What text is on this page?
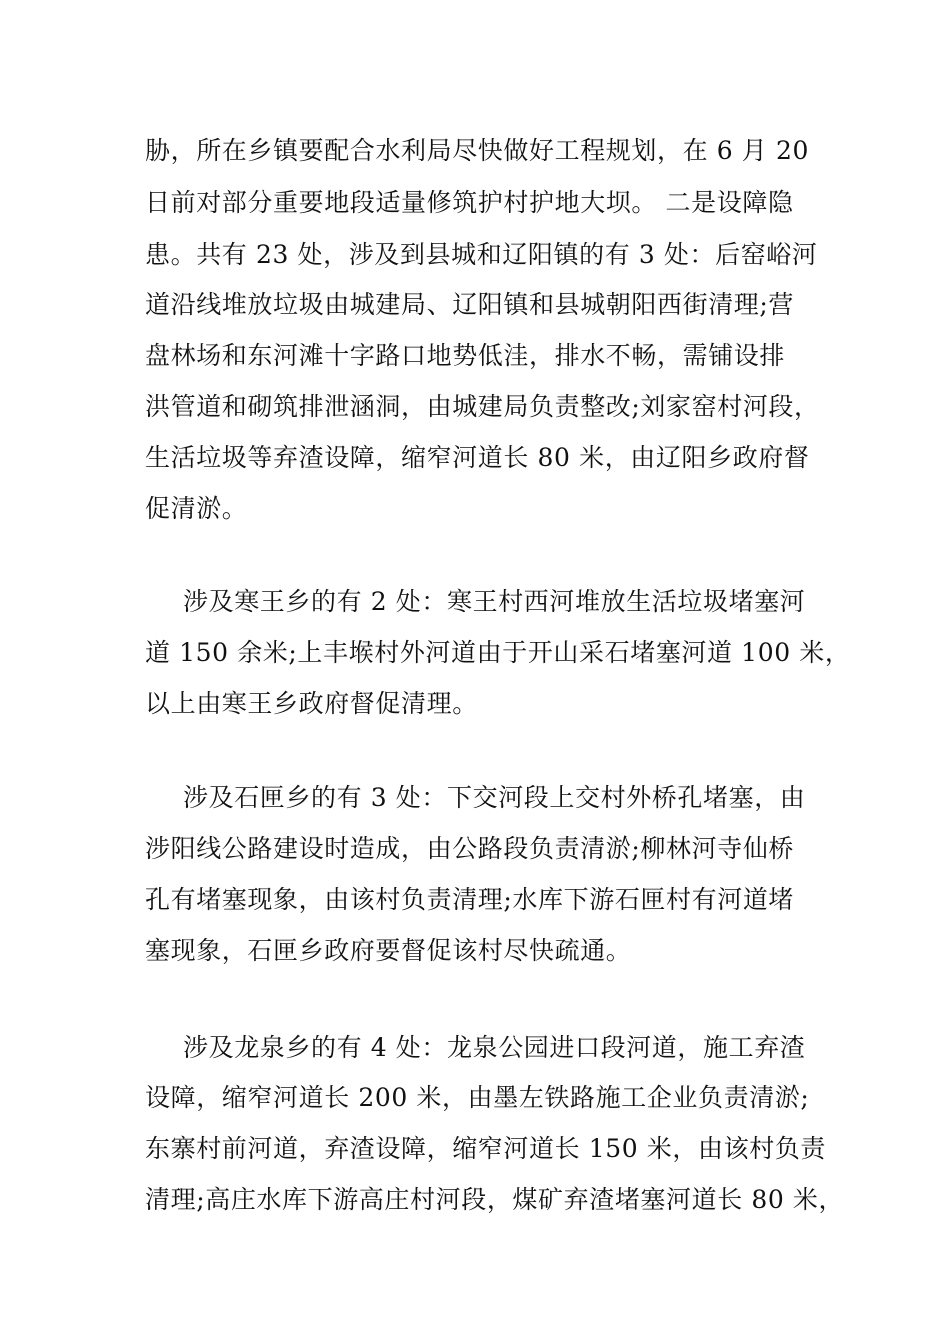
胁，所在乡镇要配合水利局尽快做好工程规划，在 6 月 20
日前对部分重要地段适量修筑护村护地大坝。 二是设障隐
患。共有 23 处，涉及到县城和辽阳镇的有 3 处：后窑峪河
道沿线堆放垃圾由城建局、辽阳镇和县城朝阳西街清理;营
盘林场和东河滩十字路口地势低洼，排水不畅，需铺设排
洪管道和砌筑排泄涵洞，由城建局负责整改;刘家窑村河段，
生活垃圾等弃渣设障，缩窄河道长 80 米，由辽阳乡政府督
促清淤。
涉及寒王乡的有 2 处：寒王村西河堆放生活垃圾堵塞河
道 150 余米;上丰堠村外河道由于开山采石堵塞河道 100 米，
以上由寒王乡政府督促清理。
涉及石匣乡的有 3 处：下交河段上交村外桥孔堵塞，由
涉阳线公路建设时造成，由公路段负责清淤;柳林河寺仙桥
孔有堵塞现象，由该村负责清理;水库下游石匣村有河道堵
塞现象，石匣乡政府要督促该村尽快疏通。
涉及龙泉乡的有 4 处：龙泉公园进口段河道，施工弃渣
设障，缩窄河道长 200 米，由墨左铁路施工企业负责清淤;
东寨村前河道，弃渣设障，缩窄河道长 150 米，由该村负责
清理;高庄水库下游高庄村河段，煤矿弃渣堵塞河道长 80 米，
